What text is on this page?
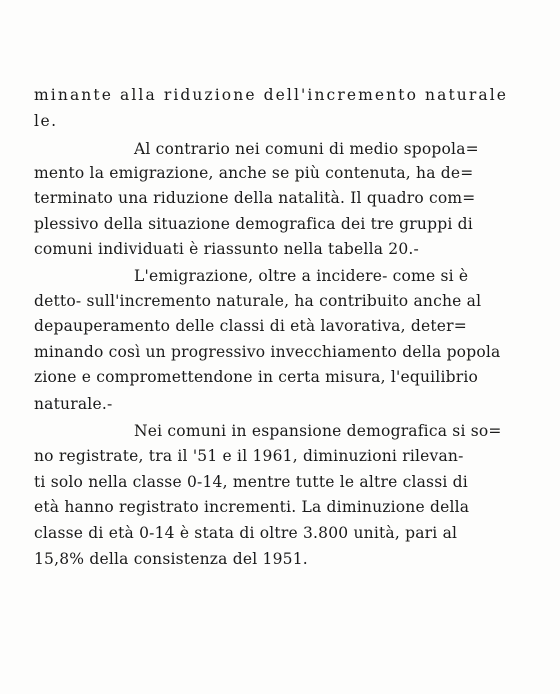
minante alla riduzione dell'incremento naturale
le.
Al contrario nei comuni di medio spopola=
mento la emigrazione, anche se più contenuta, ha de=
terminato una riduzione della natalità. Il quadro com=
plessivo della situazione demografica dei tre gruppi di
comuni individuati è riassunto nella tabella 20.-
L'emigrazione, oltre a incidere- come si è
detto- sull'incremento naturale, ha contribuito anche al
depauperamento delle classi di età lavorativa, deter=
minando così un progressivo invecchiamento della popola
zione e compromettendone in certa misura, l'equilibrio
naturale.-
Nei comuni in espansione demografica si so=
no registrate, tra il '51 e il 1961, diminuzioni rilevan-
ti solo nella classe 0-14, mentre tutte le altre classi di
età hanno registrato incrementi. La diminuzione della
classe di età 0-14 è stata di oltre 3.800 unità, pari al
15,8% della consistenza del 1951.
